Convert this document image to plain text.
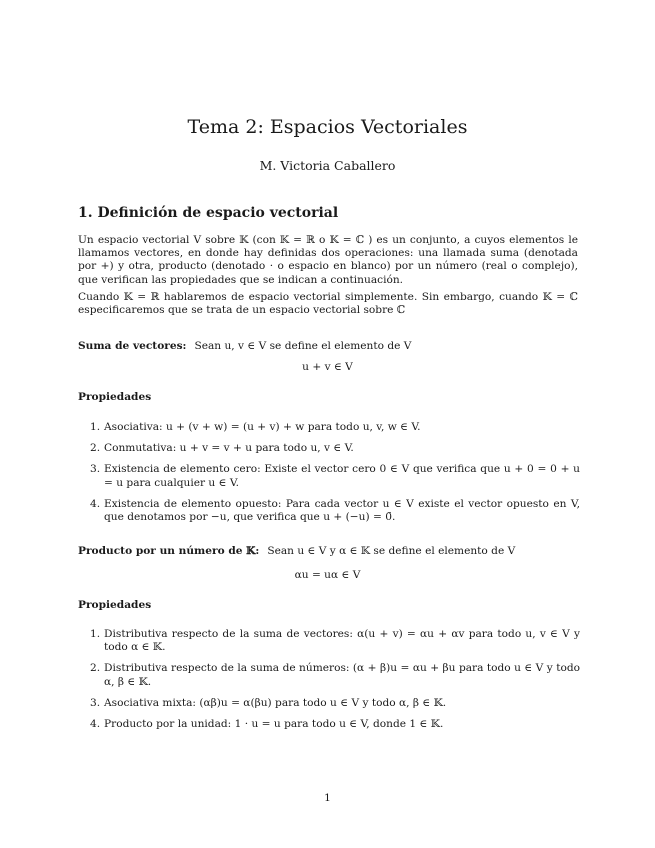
Tema 2: Espacios Vectoriales

M. Victoria Caballero

1. Definición de espacio vectorial

Un espacio vectorial V sobre 𝕂 (con 𝕂 = ℝ o 𝕂 = ℂ ) es un conjunto, a cuyos elementos le llamamos vectores, en donde hay definidas dos operaciones: una llamada suma (denotada por +) y otra, producto (denotado · o espacio en blanco) por un número (real o complejo), que verifican las propiedades que se indican a continuación.

Cuando 𝕂 = ℝ hablaremos de espacio vectorial simplemente. Sin embargo, cuando 𝕂 = ℂ especificaremos que se trata de un espacio vectorial sobre ℂ

Suma de vectores: Sean u, v ∈ V se define el elemento de V

u + v ∈ V

Propiedades

1. Asociativa: u + (v + w) = (u + v) + w para todo u, v, w ∈ V.
2. Conmutativa: u + v = v + u para todo u, v ∈ V.
3. Existencia de elemento cero: Existe el vector cero 0 ∈ V que verifica que u + 0 = 0 + u = u para cualquier u ∈ V.
4. Existencia de elemento opuesto: Para cada vector u ∈ V existe el vector opuesto en V, que denotamos por −u, que verifica que u + (−u) = 0̄.

Producto por un número de 𝕂: Sean u ∈ V y α ∈ 𝕂 se define el elemento de V

αu = uα ∈ V

Propiedades

1. Distributiva respecto de la suma de vectores: α(u + v) = αu + αv para todo u, v ∈ V y todo α ∈ 𝕂.
2. Distributiva respecto de la suma de números: (α + β)u = αu + βu para todo u ∈ V y todo α, β ∈ 𝕂.
3. Asociativa mixta: (αβ)u = α(βu) para todo u ∈ V y todo α, β ∈ 𝕂.
4. Producto por la unidad: 1 · u = u para todo u ∈ V, donde 1 ∈ 𝕂.

1
